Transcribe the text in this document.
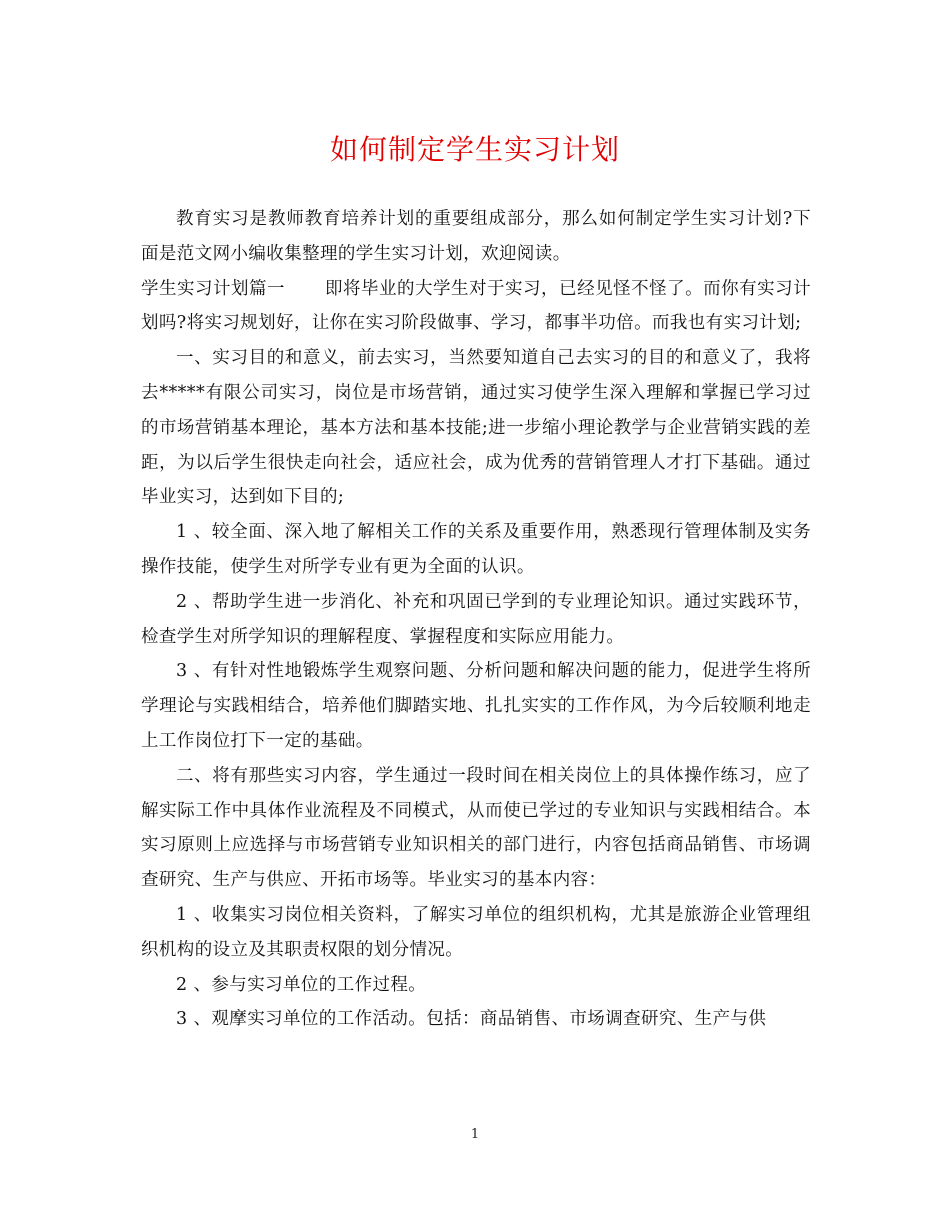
如何制定学生实习计划

教育实习是教师教育培养计划的重要组成部分，那么如何制定学生实习计划?下面是范文网小编收集整理的学生实习计划，欢迎阅读。

学生实习计划篇一 即将毕业的大学生对于实习，已经见怪不怪了。而你有实习计划吗?将实习规划好，让你在实习阶段做事、学习，都事半功倍。而我也有实习计划;

一、实习目的和意义，前去实习，当然要知道自己去实习的目的和意义了，我将去*****有限公司实习，岗位是市场营销，通过实习使学生深入理解和掌握已学习过的市场营销基本理论，基本方法和基本技能;进一步缩小理论教学与企业营销实践的差距，为以后学生很快走向社会，适应社会，成为优秀的营销管理人才打下基础。通过毕业实习，达到如下目的;

1 、较全面、深入地了解相关工作的关系及重要作用，熟悉现行管理体制及实务操作技能，使学生对所学专业有更为全面的认识。

2 、帮助学生进一步消化、补充和巩固已学到的专业理论知识。通过实践环节，检查学生对所学知识的理解程度、掌握程度和实际应用能力。

3 、有针对性地锻炼学生观察问题、分析问题和解决问题的能力，促进学生将所学理论与实践相结合，培养他们脚踏实地、扎扎实实的工作作风，为今后较顺利地走上工作岗位打下一定的基础。

二、将有那些实习内容，学生通过一段时间在相关岗位上的具体操作练习，应了解实际工作中具体作业流程及不同模式，从而使已学过的专业知识与实践相结合。本实习原则上应选择与市场营销专业知识相关的部门进行，内容包括商品销售、市场调查研究、生产与供应、开拓市场等。毕业实习的基本内容：

1 、收集实习岗位相关资料，了解实习单位的组织机构，尤其是旅游企业管理组织机构的设立及其职责权限的划分情况。

2 、参与实习单位的工作过程。

3 、观摩实习单位的工作活动。包括：商品销售、市场调查研究、生产与供

1
